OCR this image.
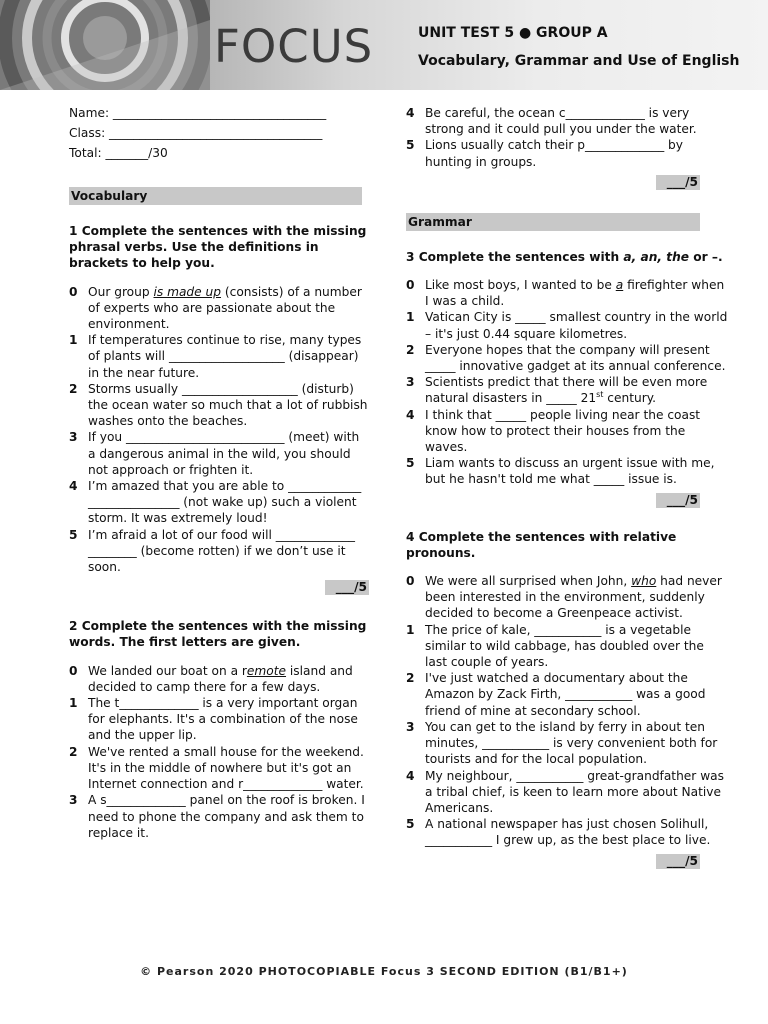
FOCUS	UNIT TEST 5 ● GROUP A
Vocabulary, Grammar and Use of English
Name: ___________________________________
Class: ___________________________________
Total: _______/30
Vocabulary
1 Complete the sentences with the missing phrasal verbs. Use the definitions in brackets to help you.
0 Our group is made up (consists) of a number of experts who are passionate about the environment.
1 If temperatures continue to rise, many types of plants will ___________________ (disappear) in the near future.
2 Storms usually ___________________ (disturb) the ocean water so much that a lot of rubbish washes onto the beaches.
3 If you __________________________ (meet) with a dangerous animal in the wild, you should not approach or frighten it.
4 I’m amazed that you are able to ____________ _______________ (not wake up) such a violent storm. It was extremely loud!
5 I’m afraid a lot of our food will _____________ ________ (become rotten) if we don’t use it soon.
___/5
2 Complete the sentences with the missing words. The first letters are given.
0 We landed our boat on a remote island and decided to camp there for a few days.
1 The t_____________ is a very important organ for elephants. It's a combination of the nose and the upper lip.
2 We've rented a small house for the weekend. It's in the middle of nowhere but it's got an Internet connection and r_____________ water.
3 A s_____________ panel on the roof is broken. I need to phone the company and ask them to replace it.
4 Be careful, the ocean c_____________ is very strong and it could pull you under the water.
5 Lions usually catch their p_____________ by hunting in groups.
___/5
Grammar
3 Complete the sentences with a, an, the or –.
0 Like most boys, I wanted to be a firefighter when I was a child.
1 Vatican City is _____ smallest country in the world – it's just 0.44 square kilometres.
2 Everyone hopes that the company will present _____ innovative gadget at its annual conference.
3 Scientists predict that there will be even more natural disasters in _____ 21st century.
4 I think that _____ people living near the coast know how to protect their houses from the waves.
5 Liam wants to discuss an urgent issue with me, but he hasn't told me what _____ issue is.
___/5
4 Complete the sentences with relative pronouns.
0 We were all surprised when John, who had never been interested in the environment, suddenly decided to become a Greenpeace activist.
1 The price of kale, ___________ is a vegetable similar to wild cabbage, has doubled over the last couple of years.
2 I've just watched a documentary about the Amazon by Zack Firth, ___________ was a good friend of mine at secondary school.
3 You can get to the island by ferry in about ten minutes, ___________ is very convenient both for tourists and for the local population.
4 My neighbour, ___________ great-grandfather was a tribal chief, is keen to learn more about Native Americans.
5 A national newspaper has just chosen Solihull, ___________ I grew up, as the best place to live.
___/5
© Pearson 2020 PHOTOCOPIABLE Focus 3 SECOND EDITION (B1/B1+)
